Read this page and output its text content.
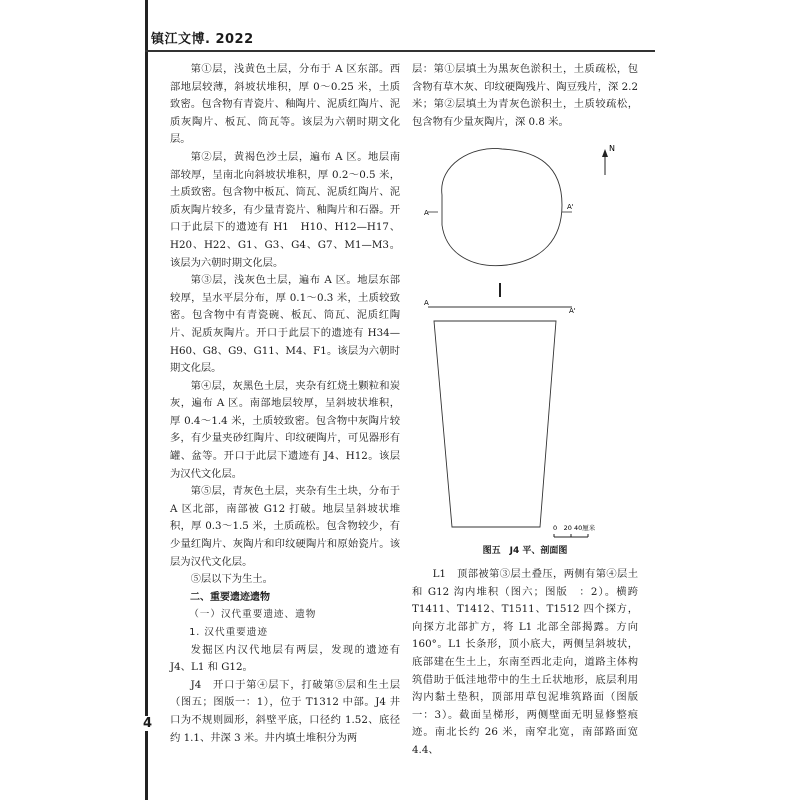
镇江文博. 2022

第①层，浅黄色土层，分布于 A 区东部。西部地层较薄，斜坡状堆积，厚 0～0.25 米，土质致密。包含物有青瓷片、釉陶片、泥质红陶片、泥质灰陶片、板瓦、筒瓦等。该层为六朝时期文化层。

第②层，黄褐色沙土层，遍布 A 区。地层南部较厚，呈南北向斜坡状堆积，厚 0.2～0.5 米，土质致密。包含物中板瓦、筒瓦、泥质红陶片、泥质灰陶片较多，有少量青瓷片、釉陶片和石器。开口于此层下的遗迹有 H1　H10、H12—H17、H20、H22、G1、G3、G4、G7、M1—M3。该层为六朝时期文化层。

第③层，浅灰色土层，遍布 A 区。地层东部较厚，呈水平层分布，厚 0.1～0.3 米，土质较致密。包含物中有青瓷碗、板瓦、筒瓦、泥质红陶片、泥质灰陶片。开口于此层下的遗迹有 H34—H60、G8、G9、G11、M4、F1。该层为六朝时期文化层。

第④层，灰黑色土层，夹杂有红烧土颗粒和炭灰，遍布 A 区。南部地层较厚，呈斜坡状堆积，厚 0.4～1.4 米，土质较致密。包含物中灰陶片较多，有少量夹砂红陶片、印纹硬陶片，可见器形有罐、盆等。开口于此层下遗迹有 J4、H12。该层为汉代文化层。

第⑤层，青灰色土层，夹杂有生土块，分布于 A 区北部，南部被 G12 打破。地层呈斜坡状堆积，厚 0.3～1.5 米，土质疏松。包含物较少，有少量红陶片、灰陶片和印纹硬陶片和原始瓷片。该层为汉代文化层。

⑤层以下为生土。

二、重要遗迹遗物

（一）汉代重要遗迹、遗物

1. 汉代重要遗迹

发掘区内汉代地层有两层，发现的遗迹有 J4、L1 和 G12。

J4　开口于第④层下，打破第⑤层和生土层（图五；图版一：1），位于 T1312 中部。J4 井口为不规则圆形，斜壁平底，口径约 1.52、底径约 1.1、井深 3 米。井内填土堆积分为两

层：第①层填土为黑灰色淤积土，土质疏松，包含物有草木灰、印纹硬陶残片、陶豆残片，深 2.2 米；第②层填土为青灰色淤积土，土质较疏松，包含物有少量灰陶片，深 0.8 米。

N
A
A'
A
A'
0　20 40厘米
图五　J4 平、剖面图

L1　顶部被第③层土叠压，两侧有第④层土和 G12 沟内堆积（图六；图版　：2）。横跨 T1411、T1412、T1511、T1512 四个探方，向探方北部扩方，将 L1 北部全部揭露。方向 160°。L1 长条形，顶小底大，两侧呈斜坡状，底部建在生土上，东南至西北走向，道路主体构筑借助于低洼地带中的生土丘状地形，底层利用沟内黏土垫积，顶部用草包泥堆筑路面（图版一：3）。截面呈梯形，两侧壁面无明显修整痕迹。南北长约 26 米，南窄北宽，南部路面宽 4.4、

4
